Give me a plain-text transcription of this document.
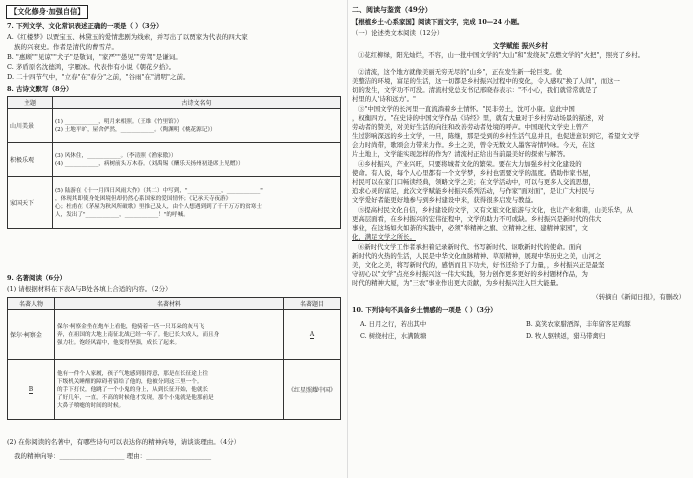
【文化修身·加强自信】
7. 下列文学、文化常识表述正确的一项是（ ）（3分）
A.《红楼梦》以贾宝玉、林黛玉的爱情悲剧为线索，并写出了以贾家为代表的四大家
族的兴衰史。作者是清代的曹雪芹。
B. "惠顾""见谅""犬子"是敬词，"家严""愚见""劳驾"是谦词。
C. 茅盾原名沈德鸿，字雁冰。代表作有小说《朝花夕拾》。
D. 二十四节气中，"立春"在"春分"之前，"谷雨"在"清明"之前。
8. 古诗文默写（8分）
主题	古诗文名句
山川美景	(1) ____________，明月来相照。（王维《竹里馆》）
(2) 土地平旷，屋舍俨然，____________。（陶渊明《桃花源记》）

积极乐观	(3) 风休住，____________。（李清照《渔家傲》）
(4) ____________，病树前头万木春。（刘禹锡《酬乐天扬州初逢席上见赠》）

家国天下	(5) 陆游在《十一月四日风雨大作》（其二）中写到，"____________，____________"
，体现其即使身处困境但却仍然心系国家的爱国情怀；《记承天寺夜游》
心；杜甫在《茅屋为秋风所破歌》里推己及人，由个人想遇到到了千千万万的贫寒士
人，发出了"____________，____________！"的呼喊。
9. 名著阅读（6分）
(1) 请根据材料在下表A与B处各填上合适的内容。（2分）
名著人物	名著材料	名著题目
保尔·柯察金	保尔·柯察金坐在炮车上看他，他骑着一匹一只耳朵的灰马飞
奔，在祖国的大地上南征北战已经一年了。他已长大成人，而且身
强力壮。饱经风霜中，他变得坚强，成长了起来。	A
B	他有一件个人家履，孩子气地感到很得意，那是在长征途上往
下级机关睡醒的障碍者留给了他的，他被分到这三里一个。
的手下打仗，他跳了一个小鬼的身上，从到长征开始，他就长
了好几年，一直，不高的时候他才发现，那个小鬼就是他那前是
大鼻子喷嚏的时间的时候。	《红星照耀中国》
(2) 在你阅读的名著中，有哪些诗句可以表达你的精神向导，请谈谈理由。（4分）
我的精神向导：____________________ 理由：____________________
二、阅读与鉴赏（49分）
【根植乡土·心系家国】阅读下面文字，完成 10—24 小题。
（一）论述类文本阅读（12分）
文学赋能 振兴乡村
①花红柳绿，阳光灿烂，不容，山一批中国文学的"大山"和"发绕灰"点燃文学的"火把"，照亮了乡村。
②清流，这个地方就像美丽无穷无尽的"山乡"，正在发生新一轮巨变。优
美整洁的环境，富足的生活，这一切都是乡村振兴过程中的变化，令人感叹"换了人间"，而这一
切的发生，文学功不可没。清流村党总支书记邢晓春表示："不小心，我们就常常就是了
村里的人'诗和远方'。"
③"中国文学的长河里一直流淌着乡土情怀。"民非劳土，沈可小康。息此中国
，权衡四方。"在史诗的中国文学作品《诗经》里，就有大量对于乡村劳动场景的描述，对
劳动者的赞美，对美好生活的向往和改善劳动者处境的呼声。中国现代文学史上曾产
生过影响深远的乡土文学，一旦，陈继，那是受到的乡村生活气息并且，也促进意识到它，希望文文学
会力时尚带，歌颂会力带来力作。乡土之美，曾令无数文人墨客寄情吟咏。今天，在这
片土地上，文学能实现怎样的作为？清流村正给出当前最美好的探索与解答。
④乡村振兴，产业兴旺，只要将城者文化的繁荣。要在大力加强乡村文化建设的
使命。有人说，每个人心里都有一个文学梦，乡村也需要文学的温度。借助作家书屋，
村民可以在家门口畅读经典，领略文学之美；在文学活动中，可以与更多人交流思想，
追求心灵的富足，此次文学赋能乡村振兴系列活动，与作家"面对面"，是让广大村民与
文学爱好者能更好地参与到乡村建设中来，获得很多启发与教益。
⑤提高村民文化自信，乡村建设的文学，又有文旅文化旅游与文化，也让产业和谐，山美乐华，从
更高层面看，在乡村振兴的宏伟征程中，文学的助力不可或缺。乡村振兴是新时代的伟大
事业，在这场如火如荼的实践中，必须"举精神之旗、立精神之柱、建精神家园"，文
化，满足文学之所长。
⑥新时代文学工作者承担着记录新时代、书写新时代、讴歌新时代的使命。面向
新时代的火热的生活，人民是中华文化血脉精神、草原精神，展现中华历史之美，山河之
美，文化之美，将写新时代的，感悟而且下功夫，好书还给予了力量，，乡村振兴正是最坚
守初心以"文学"点亮乡村振兴这一伟大实践，努力创作更多更好的乡村题材作品，为
时代的精神大厦，为"三农"事业作出更大贡献，为乡村振兴注入巨大能量。
（转摘自《新闻日报》，有删改）
10. 下列诗句不具备乡土情感的一项是（ ）（3分）
A. 日月之行，若出其中	B. 莫笑农家腊酒浑，丰年留客足鸡豚
C. 树绕村庄，水满陂塘	D. 牧人驱犊返，猎马带禽归
